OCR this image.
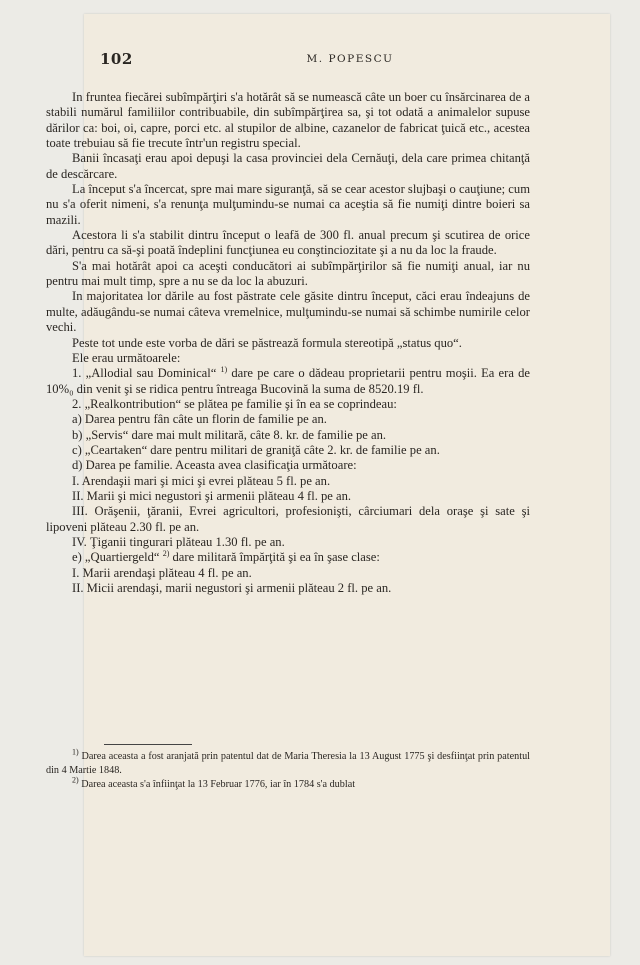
102	M. POPESCU

In fruntea fiecărei subîmpărţiri s'a hotărât să se numească câte un boer cu însărcinarea de a stabili numărul familiilor contribuabile, din subîmpărţirea sa, şi tot odată a animalelor supuse dărilor ca: boi, oi, capre, porci etc. al stupilor de albine, cazanelor de fabricat ţuică etc., acestea toate trebuiau să fie trecute într'un registru special.

Banii încasaţi erau apoi depuşi la casa provinciei dela Cernăuţi, dela care primea chitanţă de descărcare.

La început s'a încercat, spre mai mare siguranţă, să se cear acestor slujbaşi o cauţiune; cum nu s'a oferit nimeni, s'a renunţa mulţumindu-se numai ca aceştia să fie numiţi dintre boieri sa mazili.

Acestora li s'a stabilit dintru început o leafă de 300 fl. anual precum şi scutirea de orice dări, pentru ca să-şi poată îndeplini funcţiunea eu conştinciozitate şi a nu da loc la fraude.

S'a mai hotărât apoi ca aceşti conducători ai subîmpărţirilor să fie numiţi anual, iar nu pentru mai mult timp, spre a nu se da loc la abuzuri.

In majoritatea lor dările au fost păstrate cele găsite dintru început, căci erau îndeajuns de multe, adăugându-se numai câteva vremelnice, mulţumindu-se numai să schimbe numirile celor vechi.

Peste tot unde este vorba de dări se păstrează formula stereotipă „status quo“.

Ele erau următoarele:

1. „Allodial sau Dominical“ $^{1)}$ dare pe care o dădeau proprietarii pentru moşii. Ea era de 10%₀ din venit şi se ridica pentru întreaga Bucovină la suma de 8520.19 fl.

2. „Realkontribution“ se plătea pe familie şi în ea se coprindeau:

a) Darea pentru fân câte un florin de familie pe an.

b) „Servis“ dare mai mult militară, câte 8. kr. de familie pe an.

c) „Ceartaken“ dare pentru militari de graniţă câte 2. kr. de familie pe an.

d) Darea pe familie. Aceasta avea clasificaţia următoare:

I. Arendaşii mari şi mici şi evrei plăteau 5 fl. pe an.

II. Marii şi mici negustori şi armenii plăteau 4 fl. pe an.

III. Orăşenii, ţăranii, Evrei agricultori, profesionişti, cârciumari dela oraşe şi sate şi lipoveni plăteau 2.30 fl. pe an.

IV. Ţiganii tingurari plăteau 1.30 fl. pe an.

e) „Quartiergeld“ $^{2)}$ dare militară împărţită şi ea în şase clase:

I. Marii arendaşi plăteau 4 fl. pe an.

II. Micii arendaşi, marii negustori şi armenii plăteau 2 fl. pe an.

$^{1)}$ Darea aceasta a fost aranjată prin patentul dat de Maria Theresia la 13 August 1775 şi desfiinţat prin patentul din 4 Martie 1848.

$^{2)}$ Darea aceasta s'a înfiinţat la 13 Februar 1776, iar în 1784 s'a dublat
